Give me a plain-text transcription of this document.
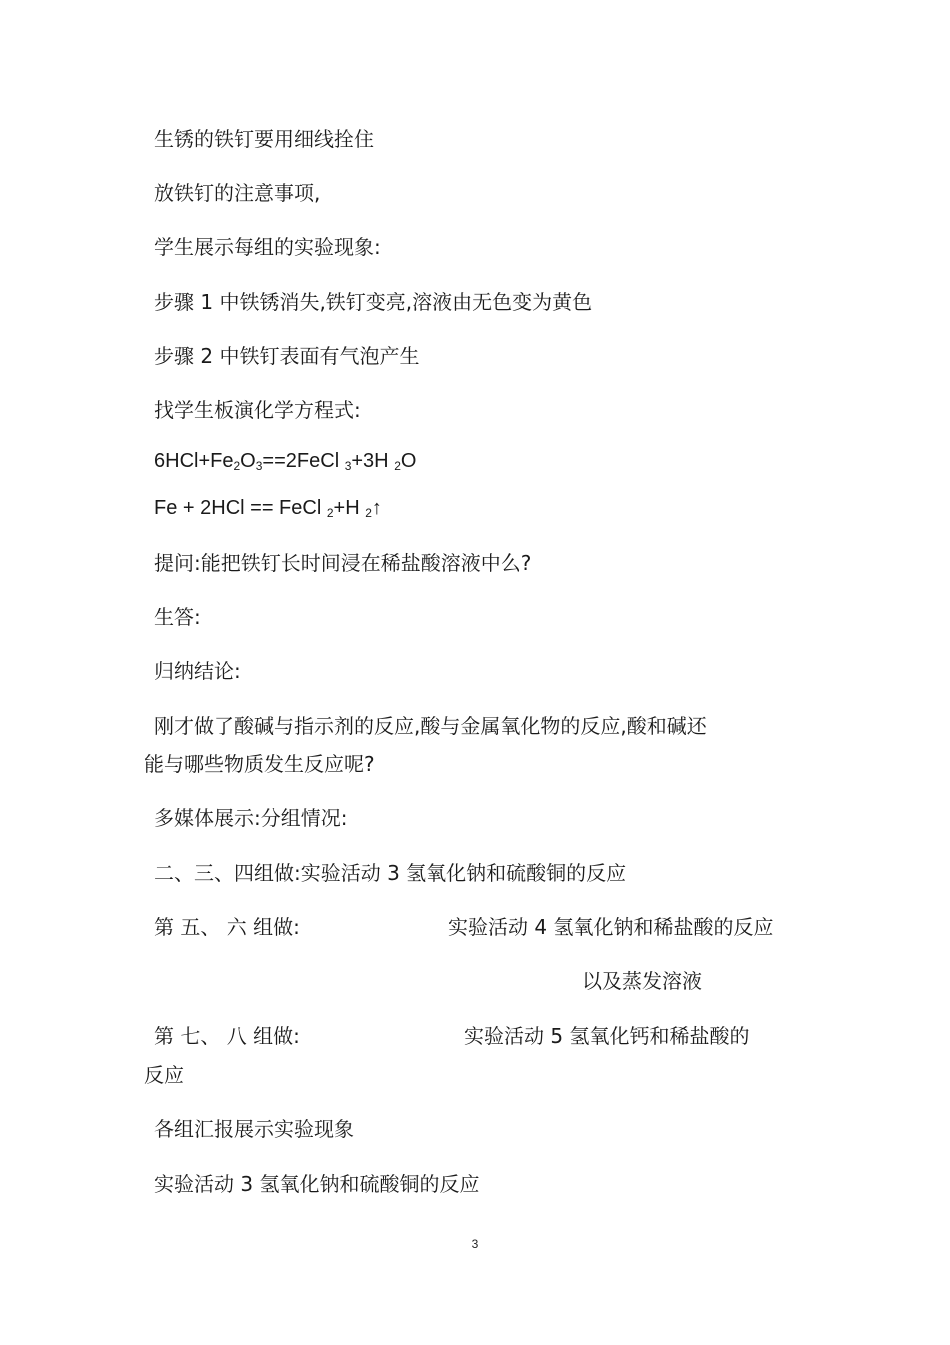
生锈的铁钉要用细线拴住
放铁钉的注意事项,
学生展示每组的实验现象:
步骤 1 中铁锈消失,铁钉变亮,溶液由无色变为黄色
步骤 2 中铁钉表面有气泡产生
找学生板演化学方程式:
$6HCl+Fe_2O_3==2FeCl$ $_3$+3H $_2$O
Fe + 2HCl == FeCl $_2$+H $_2$↑
提问:能把铁钉长时间浸在稀盐酸溶液中么?
生答:
归纳结论:
刚才做了酸碱与指示剂的反应,酸与金属氧化物的反应,酸和碱还
能与哪些物质发生反应呢?
多媒体展示:分组情况:
二、三、四组做:实验活动 3 氢氧化钠和硫酸铜的反应
第 五、 六 组做:	实验活动 4 氢氧化钠和稀盐酸的反应
以及蒸发溶液
第 七、 八 组做:	实验活动 5 氢氧化钙和稀盐酸的
反应
各组汇报展示实验现象
实验活动 3 氢氧化钠和硫酸铜的反应
3
